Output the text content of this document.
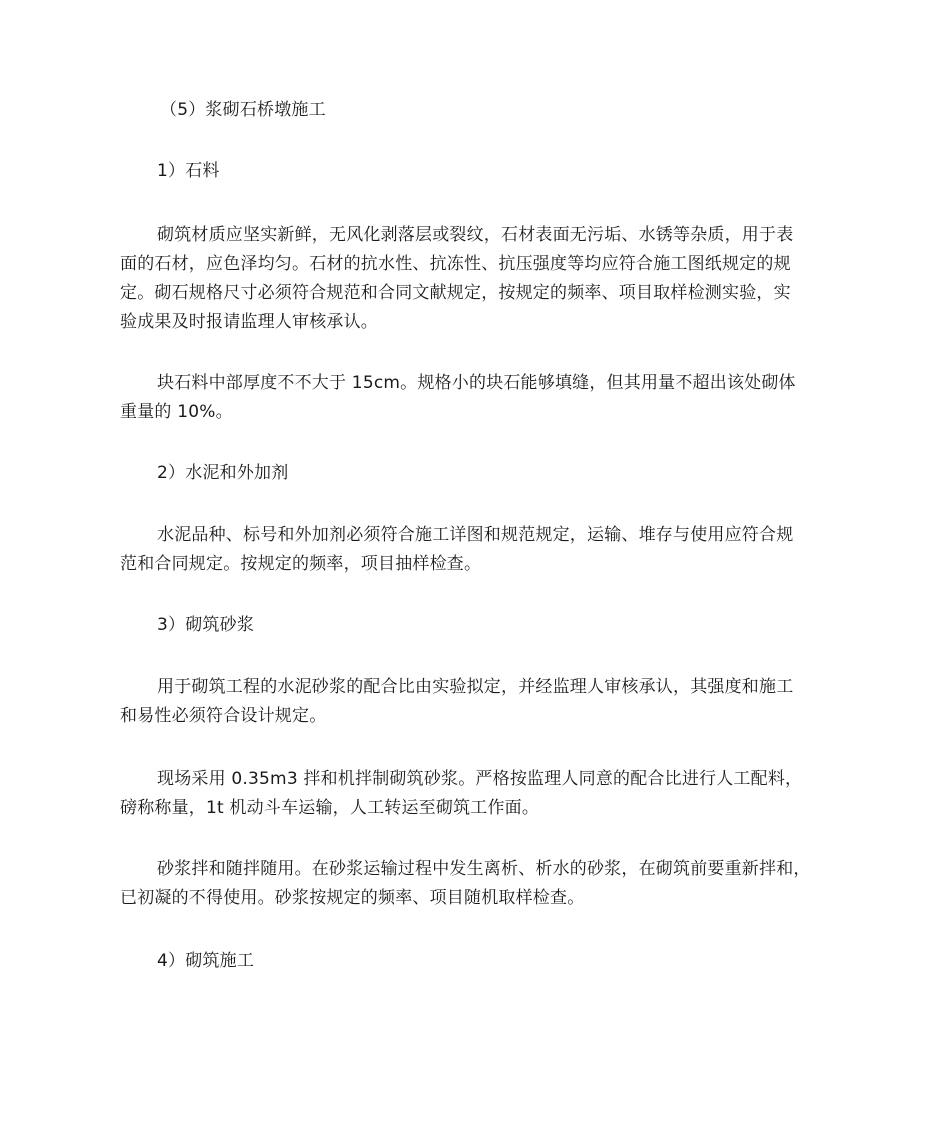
（5）浆砌石桥墩施工
1）石料
砌筑材质应坚实新鲜，无风化剥落层或裂纹，石材表面无污垢、水锈等杂质，用于表
面的石材，应色泽均匀。石材的抗水性、抗冻性、抗压强度等均应符合施工图纸规定的规
定。砌石规格尺寸必须符合规范和合同文献规定，按规定的频率、项目取样检测实验，实
验成果及时报请监理人审核承认。
块石料中部厚度不不大于 15cm。规格小的块石能够填缝，但其用量不超出该处砌体
重量的 10%。
2）水泥和外加剂
水泥品种、标号和外加剂必须符合施工详图和规范规定，运输、堆存与使用应符合规
范和合同规定。按规定的频率，项目抽样检查。
3）砌筑砂浆
用于砌筑工程的水泥砂浆的配合比由实验拟定，并经监理人审核承认，其强度和施工
和易性必须符合设计规定。
现场采用 0.35m3 拌和机拌制砌筑砂浆。严格按监理人同意的配合比进行人工配料，
磅称称量，1t 机动斗车运输，人工转运至砌筑工作面。
砂浆拌和随拌随用。在砂浆运输过程中发生离析、析水的砂浆，在砌筑前要重新拌和，
已初凝的不得使用。砂浆按规定的频率、项目随机取样检查。
4）砌筑施工
